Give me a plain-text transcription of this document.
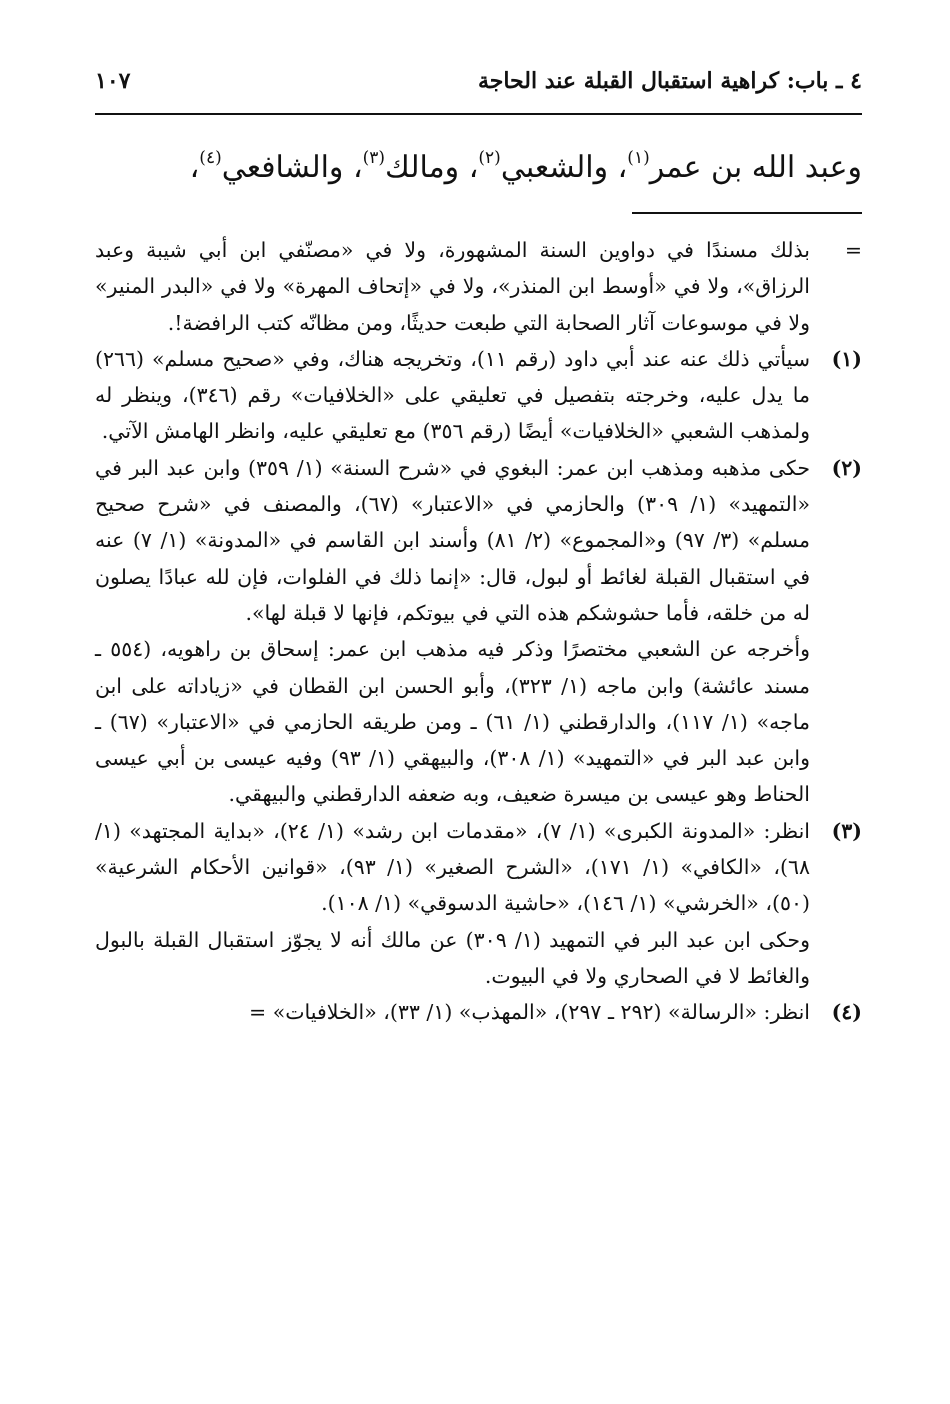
٤ ـ باب: كراهية استقبال القبلة عند الحاجة
١٠٧
وعبد الله بن عمر$^{(١)}$، والشعبي$^{(٢)}$، ومالك$^{(٣)}$، والشافعي$^{(٤)}$،
=
بذلك مسندًا في دواوين السنة المشهورة، ولا في «مصنّفي ابن أبي شيبة وعبد الرزاق»، ولا في «أوسط ابن المنذر»، ولا في «إتحاف المهرة» ولا في «البدر المنير» ولا في موسوعات آثار الصحابة التي طبعت حديثًا، ومن مظانّه كتب الرافضة!.
(١)
سيأتي ذلك عنه عند أبي داود (رقم ١١)، وتخريجه هناك، وفي «صحيح مسلم» (٢٦٦) ما يدل عليه، وخرجته بتفصيل في تعليقي على «الخلافيات» رقم (٣٤٦)، وينظر له ولمذهب الشعبي «الخلافيات» أيضًا (رقم ٣٥٦) مع تعليقي عليه، وانظر الهامش الآتي.
(٢)

حكى مذهبه ومذهب ابن عمر: البغوي في «شرح السنة» (١/ ٣٥٩) وابن عبد البر في «التمهيد» (١/ ٣٠٩) والحازمي في «الاعتبار» (٦٧)، والمصنف في «شرح صحيح مسلم» (٣/ ٩٧) و«المجموع» (٢/ ٨١) وأسند ابن القاسم في «المدونة» (١/ ٧) عنه في استقبال القبلة لغائط أو لبول، قال: «إنما ذلك في الفلوات، فإن لله عبادًا يصلون له من خلقه، فأما حشوشكم هذه التي في بيوتكم، فإنها لا قبلة لها».

وأخرجه عن الشعبي مختصرًا وذكر فيه مذهب ابن عمر: إسحاق بن راهويه، (٥٥٤ ـ مسند عائشة) وابن ماجه (١/ ٣٢٣)، وأبو الحسن ابن القطان في «زياداته على ابن ماجه» (١/ ١١٧)، والدارقطني (١/ ٦١) ـ ومن طريقه الحازمي في «الاعتبار» (٦٧) ـ وابن عبد البر في «التمهيد» (١/ ٣٠٨)، والبيهقي (١/ ٩٣) وفيه عيسى بن أبي عيسى الحناط وهو عيسى بن ميسرة ضعيف، وبه ضعفه الدارقطني والبيهقي.

(٣)

انظر: «المدونة الكبرى» (١/ ٧)، «مقدمات ابن رشد» (١/ ٢٤)، «بداية المجتهد» (١/ ٦٨)، «الكافي» (١/ ١٧١)، «الشرح الصغير» (١/ ٩٣)، «قوانين الأحكام الشرعية» (٥٠)، «الخرشي» (١/ ١٤٦)، «حاشية الدسوقي» (١/ ١٠٨).

وحكى ابن عبد البر في التمهيد (١/ ٣٠٩) عن مالك أنه لا يجوّز استقبال القبلة بالبول والغائط لا في الصحاري ولا في البيوت.

(٤)
انظر: «الرسالة» (٢٩٢ ـ ٢٩٧)، «المهذب» (١/ ٣٣)، «الخلافيات» =
